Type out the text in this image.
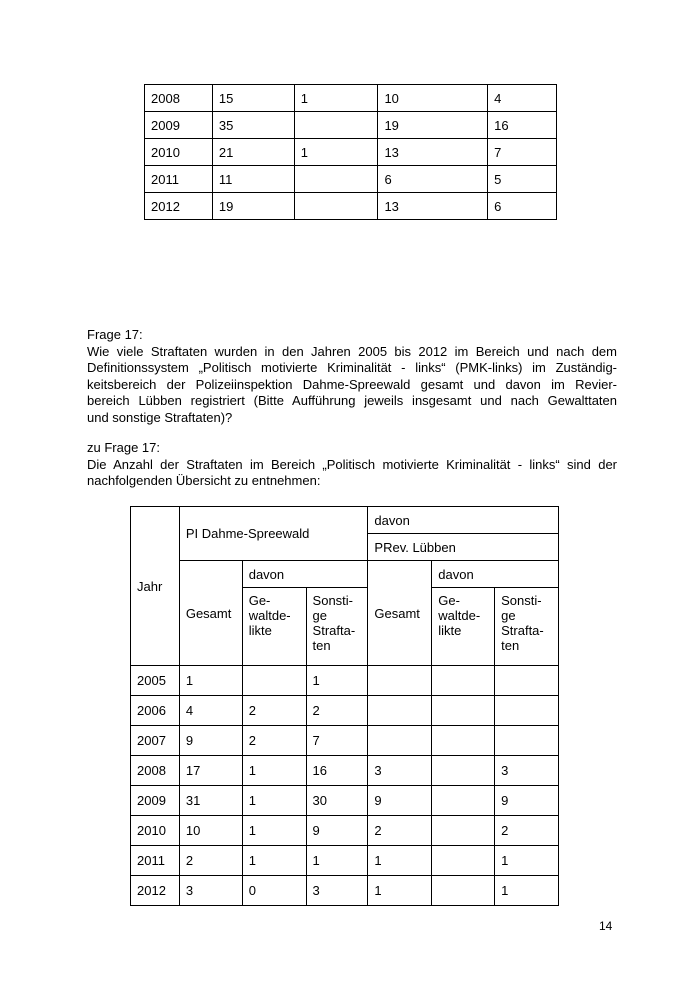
2008	15	1	10	4
2009	35		19	16
2010	21	1	13	7
2011	11		6	5
2012	19		13	6
Frage 17:
Wie viele Straftaten wurden in den Jahren 2005 bis 2012 im Bereich und nach dem
Definitionssystem „Politisch motivierte Kriminalität - links“ (PMK-links) im Zuständig-
keitsbereich der Polizeiinspektion Dahme-Spreewald gesamt und davon im Revier-
bereich Lübben registriert (Bitte Aufführung jeweils insgesamt und nach Gewalttaten
und sonstige Straftaten)?
zu Frage 17:
Die Anzahl der Straftaten im Bereich „Politisch motivierte Kriminalität - links“ sind der
nachfolgenden Übersicht zu entnehmen:
Jahr	PI Dahme-Spreewald			davon		
				PRev. Lübben		
	Gesamt	davon		Gesamt	davon	

		Ge-
waltde-
likte	Sonsti-
ge
Strafta-
ten		Ge-
waltde-
likte	Sonsti-
ge
Strafta-
ten

2005	1		1			
2006	4	2	2			
2007	9	2	7			
2008	17	1	16	3		3
2009	31	1	30	9		9
2010	10	1	9	2		2
2011	2	1	1	1		1
2012	3	0	3	1		1
14
